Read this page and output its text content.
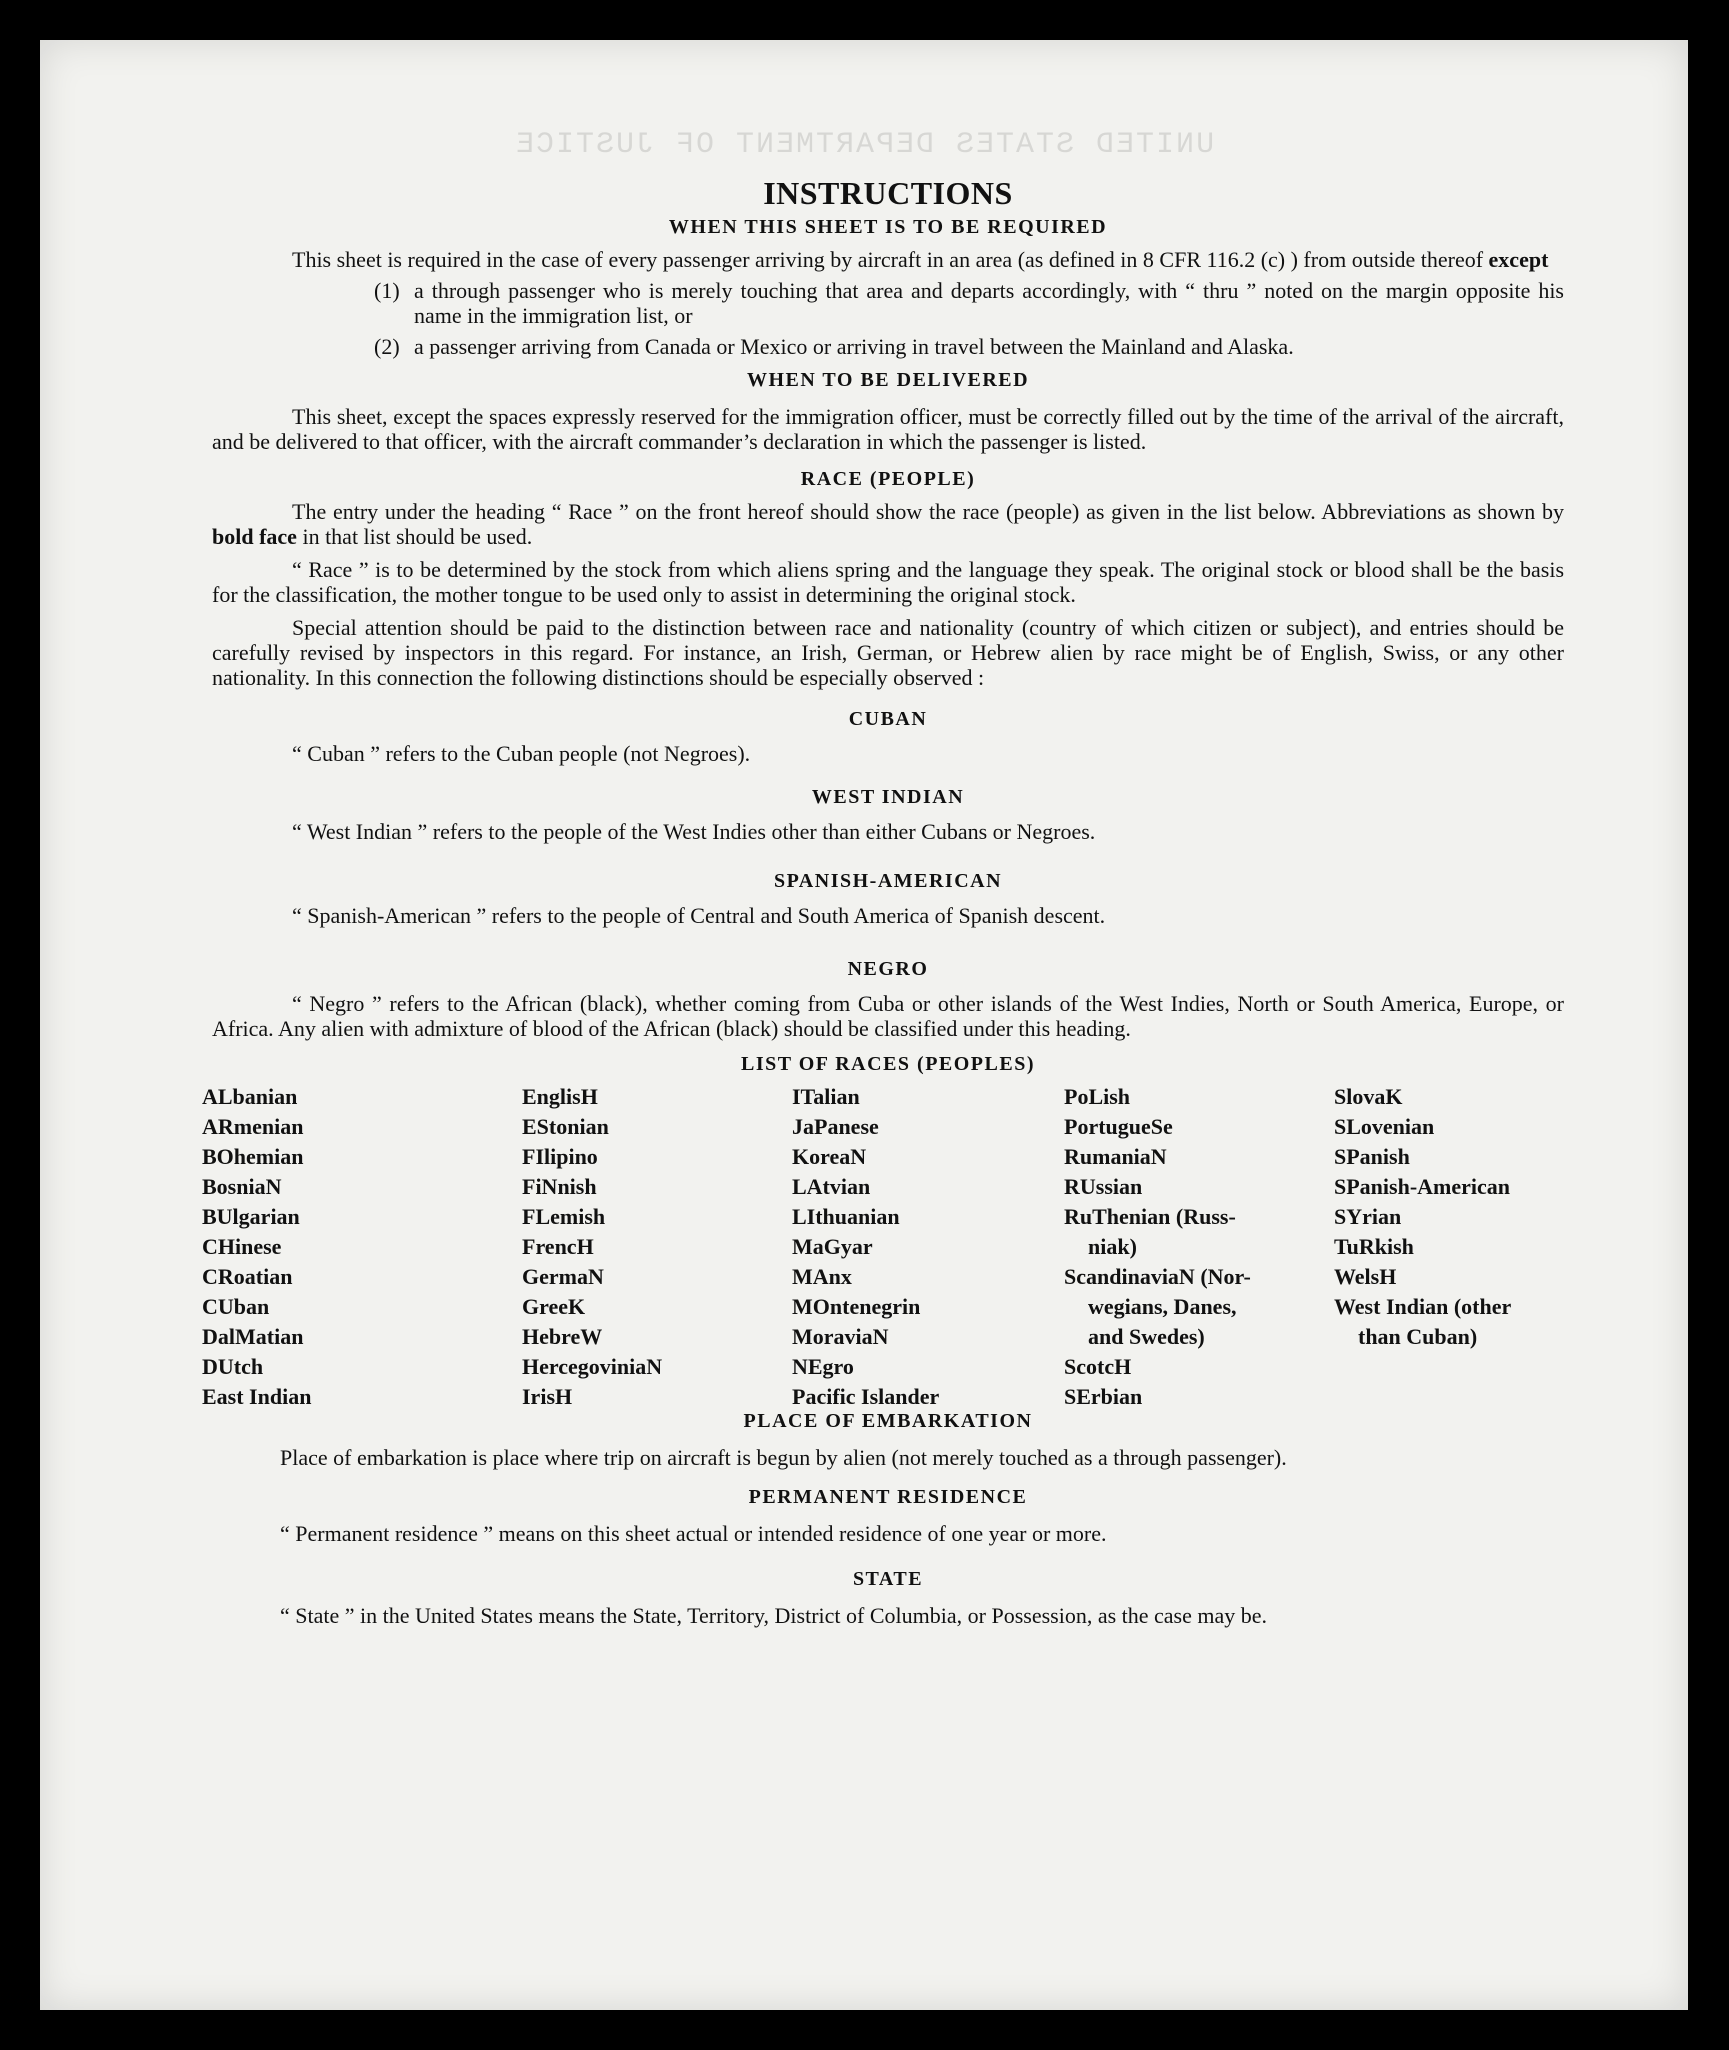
UNITED STATES DEPARTMENT OF JUSTICE
INSTRUCTIONS
WHEN THIS SHEET IS TO BE REQUIRED

This sheet is required in the case of every passenger arriving by aircraft in an area (as defined in 8 CFR 116.2 (c) ) from outside thereof except

(1) a through passenger who is merely touching that area and departs accordingly, with “ thru ” noted on the margin opposite his name in the immigration list, or
(2) a passenger arriving from Canada or Mexico or arriving in travel between the Mainland and Alaska.
WHEN TO BE DELIVERED

This sheet, except the spaces expressly reserved for the immigration officer, must be correctly filled out by the time of the arrival of the aircraft, and be delivered to that officer, with the aircraft commander’s declaration in which the passenger is listed.

RACE (PEOPLE)

The entry under the heading “ Race ” on the front hereof should show the race (people) as given in the list below. Abbreviations as shown by bold face in that list should be used.

“ Race ” is to be determined by the stock from which aliens spring and the language they speak. The original stock or blood shall be the basis for the classification, the mother tongue to be used only to assist in determining the original stock.

Special attention should be paid to the distinction between race and nationality (country of which citizen or subject), and entries should be carefully revised by inspectors in this regard. For instance, an Irish, German, or Hebrew alien by race might be of English, Swiss, or any other nationality. In this connection the following distinctions should be especially observed :

CUBAN

“ Cuban ” refers to the Cuban people (not Negroes).

WEST INDIAN

“ West Indian ” refers to the people of the West Indies other than either Cubans or Negroes.

SPANISH-AMERICAN

“ Spanish-American ” refers to the people of Central and South America of Spanish descent.

NEGRO

“ Negro ” refers to the African (black), whether coming from Cuba or other islands of the West Indies, North or South America, Europe, or Africa. Any alien with admixture of blood of the African (black) should be classified under this heading.

LIST OF RACES (PEOPLES)
ALbanian
ARmenian
BOhemian
BosniaN
BUlgarian
CHinese
CRoatian
CUban
DalMatian
DUtch
East Indian
EnglisH
EStonian
FIlipino
FiNnish
FLemish
FrencH
GermaN
GreeK
HebreW
HercegoviniaN
IrisH
ITalian
JaPanese
KoreaN
LAtvian
LIthuanian
MaGyar
MAnx
MOntenegrin
MoraviaN
NEgro
Pacific Islander
PoLish
PortugueSe
RumaniaN
RUssian
RuThenian (Russ-
niak)
ScandinaviaN (Nor-
wegians, Danes,
and Swedes)
ScotcH
SErbian
SlovaK
SLovenian
SPanish
SPanish-American
SYrian
TuRkish
WelsH
West Indian (other
than Cuban)
PLACE OF EMBARKATION

Place of embarkation is place where trip on aircraft is begun by alien (not merely touched as a through passenger).

PERMANENT RESIDENCE

“ Permanent residence ” means on this sheet actual or intended residence of one year or more.

STATE

“ State ” in the United States means the State, Territory, District of Columbia, or Possession, as the case may be.
